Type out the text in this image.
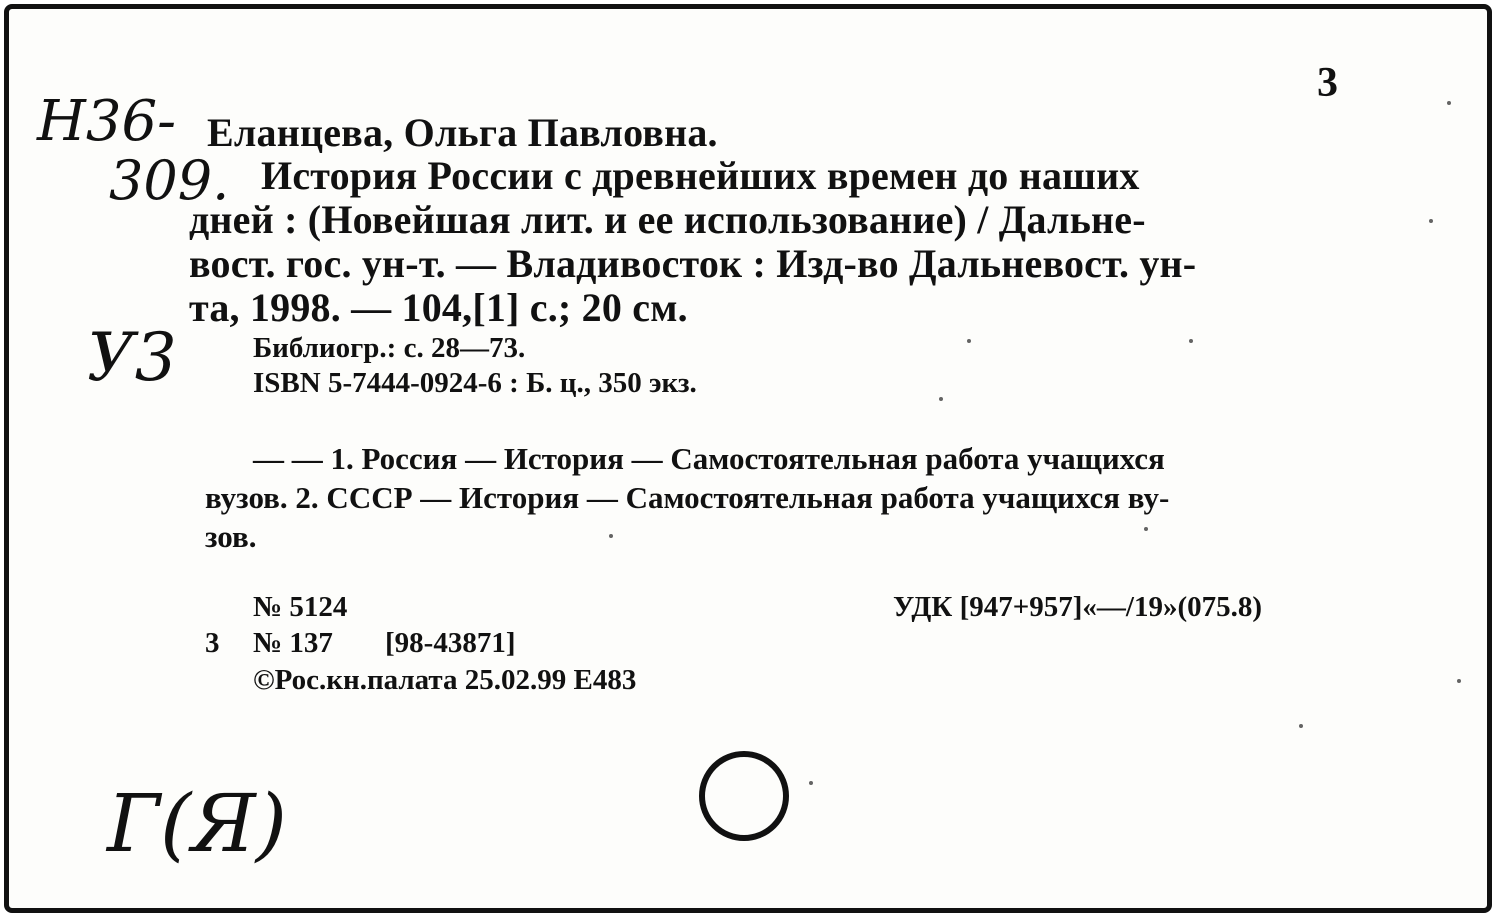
Н36-
309.
У3
Г(Я)
3
Еланцева, Ольга Павловна.
История России с древнейших времен до наших
дней : (Новейшая лит. и ее использование) / Дальне-
вост. гос. ун-т. — Владивосток : Изд-во Дальневост. ун-
та, 1998. — 104,[1] с.; 20 см.
Библиогр.: с. 28—73.
ISBN 5-7444-0924-6 : Б. ц., 350 экз.
— — 1. Россия — История — Самостоятельная работа учащихся
вузов. 2. СССР — История — Самостоятельная работа учащихся ву-
зов.
№ 5124	УДК [947+957]«—/19»(075.8)
3 № 137 [98-43871]
©Рос.кн.палата 25.02.99 Е483
